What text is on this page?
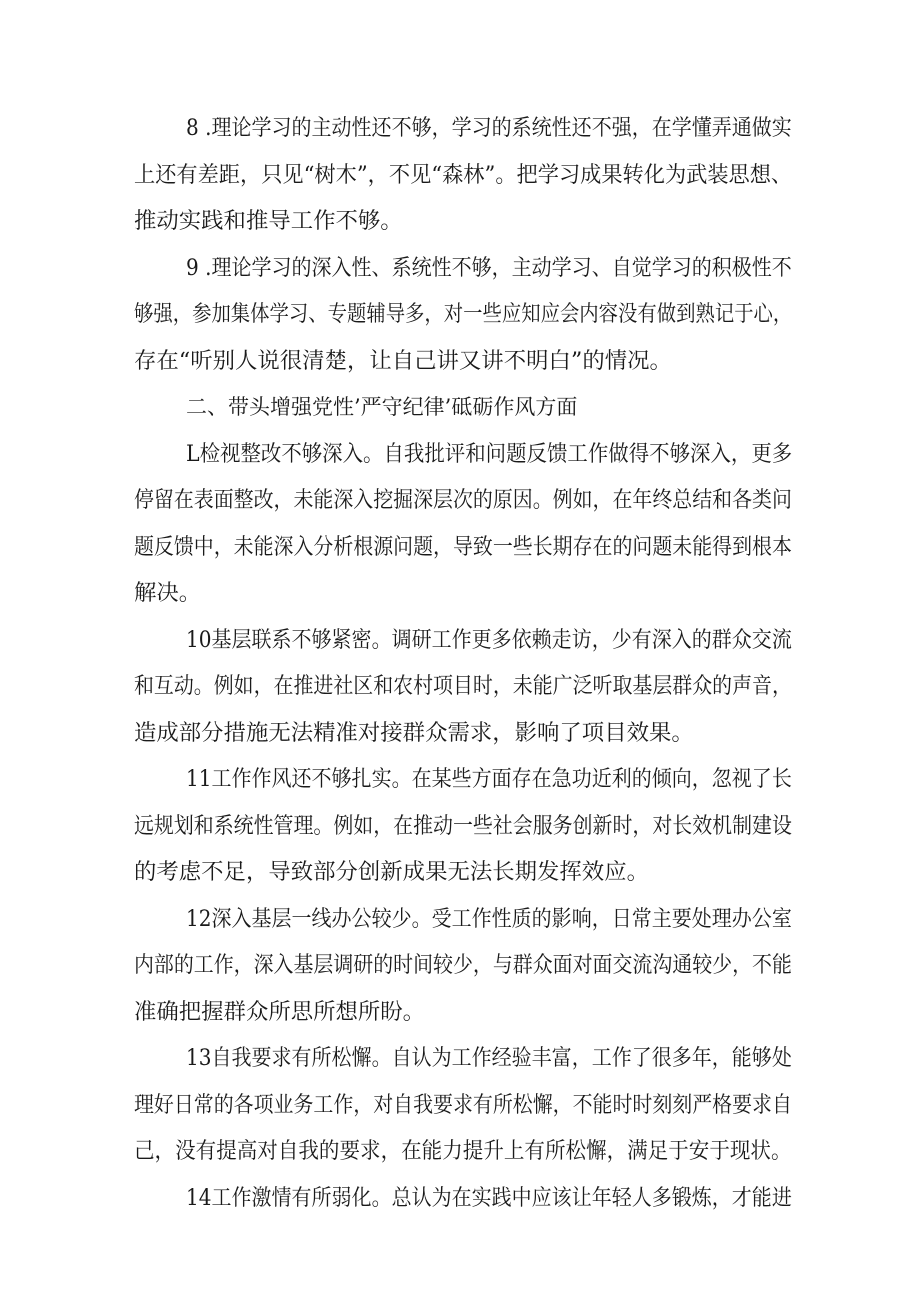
8 .理论学习的主动性还不够，学习的系统性还不强，在学懂弄通做实
上还有差距，只见“树木”，不见“森林”。把学习成果转化为武装思想、
推动实践和推导工作不够。
9 .理论学习的深入性、系统性不够，主动学习、自觉学习的积极性不
够强，参加集体学习、专题辅导多，对一些应知应会内容没有做到熟记于心，
存在“听别人说很清楚，让自己讲又讲不明白”的情况。
二、带头增强党性’严守纪律’砥砺作风方面
L检视整改不够深入。自我批评和问题反馈工作做得不够深入，更多
停留在表面整改，未能深入挖掘深层次的原因。例如，在年终总结和各类问
题反馈中，未能深入分析根源问题，导致一些长期存在的问题未能得到根本
解决。
10基层联系不够紧密。调研工作更多依赖走访，少有深入的群众交流
和互动。例如，在推进社区和农村项目时，未能广泛听取基层群众的声音，
造成部分措施无法精准对接群众需求，影响了项目效果。
11工作作风还不够扎实。在某些方面存在急功近利的倾向，忽视了长
远规划和系统性管理。例如，在推动一些社会服务创新时，对长效机制建设
的考虑不足，导致部分创新成果无法长期发挥效应。
12深入基层一线办公较少。受工作性质的影响，日常主要处理办公室
内部的工作，深入基层调研的时间较少，与群众面对面交流沟通较少，不能
准确把握群众所思所想所盼。
13自我要求有所松懈。自认为工作经验丰富，工作了很多年，能够处
理好日常的各项业务工作，对自我要求有所松懈，不能时时刻刻严格要求自
己，没有提高对自我的要求，在能力提升上有所松懈，满足于安于现状。
14工作激情有所弱化。总认为在实践中应该让年轻人多锻炼，才能进
